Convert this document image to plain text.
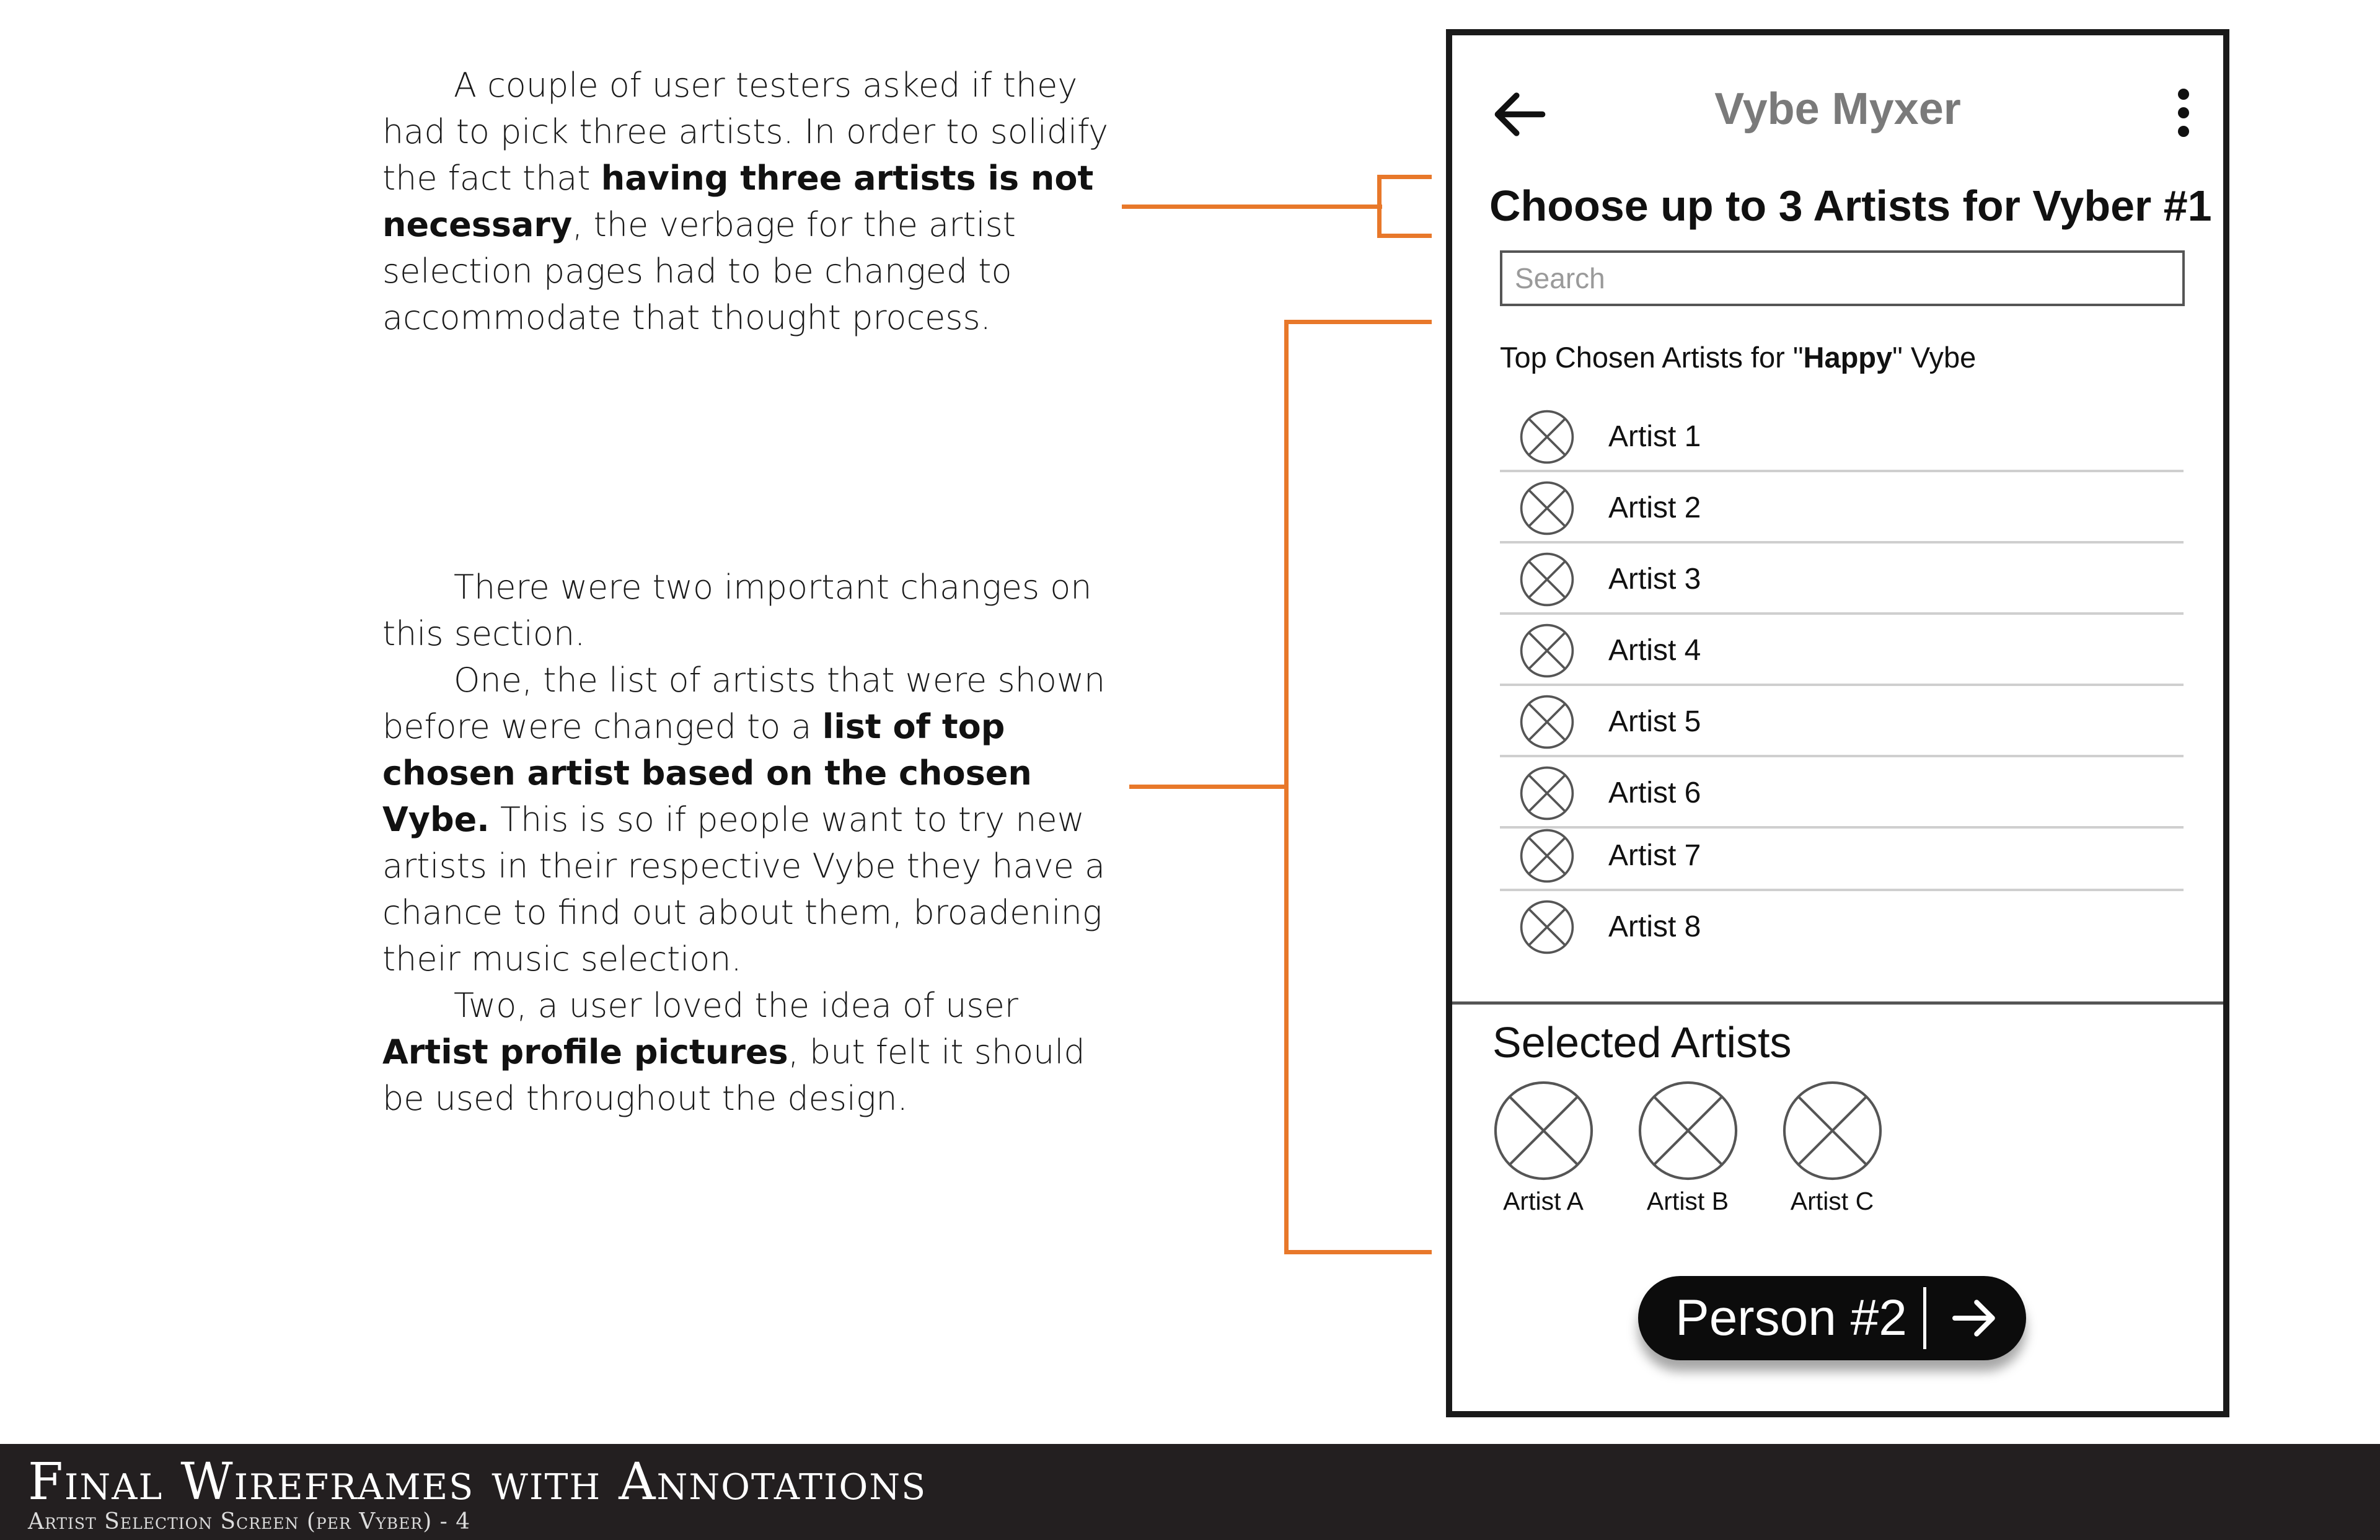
A couple of user testers asked if they had to pick three artists. In order to solidify the fact that having three artists is not necessary, the verbage for the artist selection pages had to be changed to accommodate that thought process.

There were two important changes on this section.

One, the list of artists that were shown before were changed to a list of top chosen artist based on the chosen Vybe. This is so if people want to try new artists in their respective Vybe they have a chance to find out about them, broadening their music selection.

Two, a user loved the idea of user Artist profile pictures, but felt it should be used throughout the design.

Vybe Myxer
Choose up to 3 Artists for Vyber #1
Search
Top Chosen Artists for "Happy" Vybe
Artist 1
Artist 2
Artist 3
Artist 4
Artist 5
Artist 6
Artist 7
Artist 8
Selected Artists
Artist A	Artist B	Artist C
Person #2
Final Wireframes with Annotations
Artist Selection Screen (per Vyber) - 4
